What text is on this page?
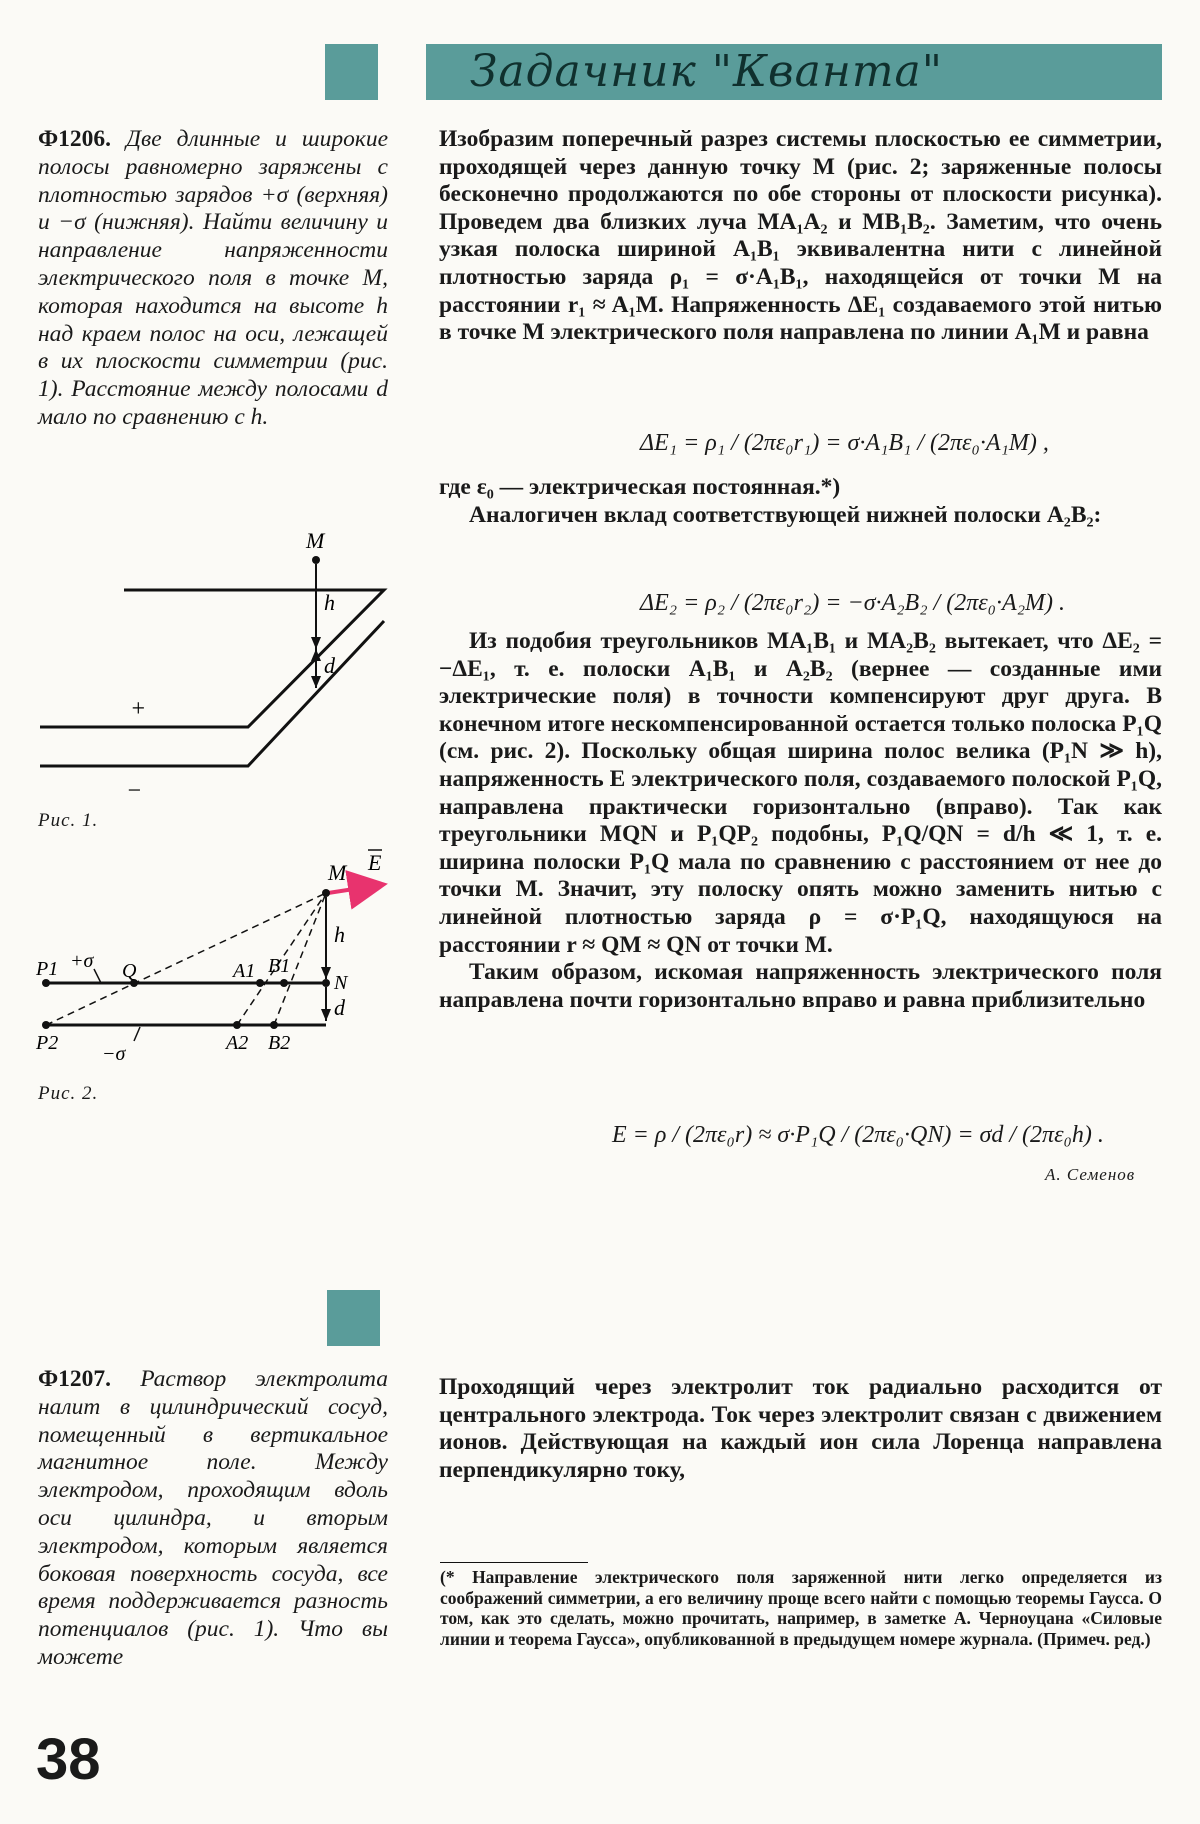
Задачник "Кванта"
Ф1206. Две длинные и широкие полосы равномерно заряжены с плотностью зарядов +σ (верхняя) и −σ (нижняя). Найти величину и направление напряженности электрического поля в точке M, которая находится на высоте h над краем полос на оси, лежащей в их плоскости симметрии (рис. 1). Расстояние между полосами d мало по сравнению с h.
M
h
d
+
−
Рис. 1.
M E
+σ Q	A1 B1
h
N
d
P1
P2 −σ	A2 B2
Рис. 2.

Изобразим поперечный разрез системы плоскостью ее симметрии, проходящей через данную точку M (рис. 2; заряженные полосы бесконечно продолжаются по обе стороны от плоскости рисунка). Проведем два близких луча MA₁A₂ и MB₁B₂. Заметим, что очень узкая полоска шириной A₁B₁ эквивалентна нити с линейной плотностью заряда ρ₁ = σ·A₁B₁, находящейся от точки M на расстоянии r₁ ≈ A₁M. Напряженность ΔE₁ создаваемого этой нитью в точке M электрического поля направлена по линии A₁M и равна

ΔE₁ = ρ₁ / (2πε₀r₁) = σ·A₁B₁ / (2πε₀·A₁M) ,

где ε₀ — электрическая постоянная.*)

Аналогичен вклад соответствующей нижней полоски A₂B₂:

ΔE₂ = ρ₂ / (2πε₀r₂) = −σ·A₂B₂ / (2πε₀·A₂M) .

Из подобия треугольников MA₁B₁ и MA₂B₂ вытекает, что ΔE₂ = −ΔE₁, т. е. полоски A₁B₁ и A₂B₂ (вернее — созданные ими электрические поля) в точности компенсируют друг друга. В конечном итоге нескомпенсированной остается только полоска P₁Q (см. рис. 2). Поскольку общая ширина полос велика (P₁N ≫ h), напряженность E электрического поля, создаваемого полоской P₁Q, направлена практически горизонтально (вправо). Так как треугольники MQN и P₁QP₂ подобны, P₁Q/QN = d/h ≪ 1, т. е. ширина полоски P₁Q мала по сравнению с расстоянием от нее до точки M. Значит, эту полоску опять можно заменить нитью с линейной плотностью заряда ρ = σ·P₁Q, находящуюся на расстоянии r ≈ QM ≈ QN от точки M.

Таким образом, искомая напряженность электрического поля направлена почти горизонтально вправо и равна приблизительно

E = ρ / (2πε₀r) ≈ σ·P₁Q / (2πε₀·QN) = σd / (2πε₀h) .
А. Семенов
Ф1207. Раствор электролита налит в цилиндрический сосуд, помещенный в вертикальное магнитное поле. Между электродом, проходящим вдоль оси цилиндра, и вторым электродом, которым является боковая поверхность сосуда, все время поддерживается разность потенциалов (рис. 1). Что вы можете

Проходящий через электролит ток радиально расходится от центрального электрода. Ток через электролит связан с движением ионов. Действующая на каждый ион сила Лоренца направлена перпендикулярно току,

(* Направление электрического поля заряженной нити легко определяется из соображений симметрии, а его величину проще всего найти с помощью теоремы Гаусса. О том, как это сделать, можно прочитать, например, в заметке А. Черноуцана «Силовые линии и теорема Гаусса», опубликованной в предыдущем номере журнала. (Примеч. ред.)
38
